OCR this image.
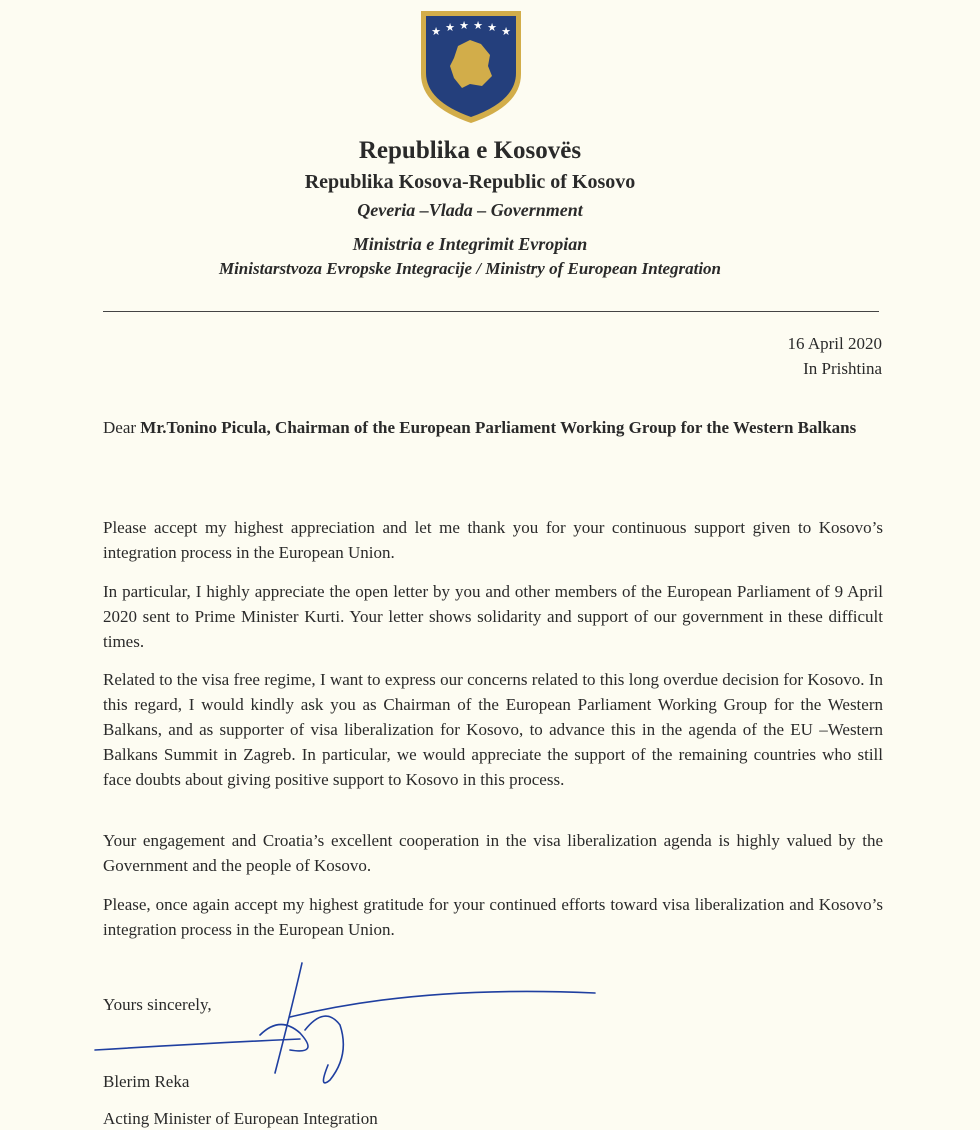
★ ★ ★ ★ ★ ★
Republika e Kosovës
Republika Kosova-Republic of Kosovo
Qeveria –Vlada – Government
Ministria e Integrimit Evropian
Ministarstvoza Evropske Integracije / Ministry of European Integration
16 April 2020
In Prishtina
Dear Mr.Tonino Picula, Chairman of the European Parliament Working Group for the Western Balkans
Please accept my highest appreciation and let me thank you for your continuous support given to Kosovo’s integration process in the European Union.
In particular, I highly appreciate the open letter by you and other members of the European Parliament of 9 April 2020 sent to Prime Minister Kurti. Your letter shows solidarity and support of our government in these difficult times.
Related to the visa free regime, I want to express our concerns related to this long overdue decision for Kosovo. In this regard, I would kindly ask you as Chairman of the European Parliament Working Group for the Western Balkans, and as supporter of visa liberalization for Kosovo, to advance this in the agenda of the EU –Western Balkans Summit in Zagreb. In particular, we would appreciate the support of the remaining countries who still face doubts about giving positive support to Kosovo in this process.
Your engagement and Croatia’s excellent cooperation in the visa liberalization agenda is highly valued by the Government and the people of Kosovo.
Please, once again accept my highest gratitude for your continued efforts toward visa liberalization and Kosovo’s integration process in the European Union.
Yours sincerely,
Blerim Reka
Acting Minister of European Integration
